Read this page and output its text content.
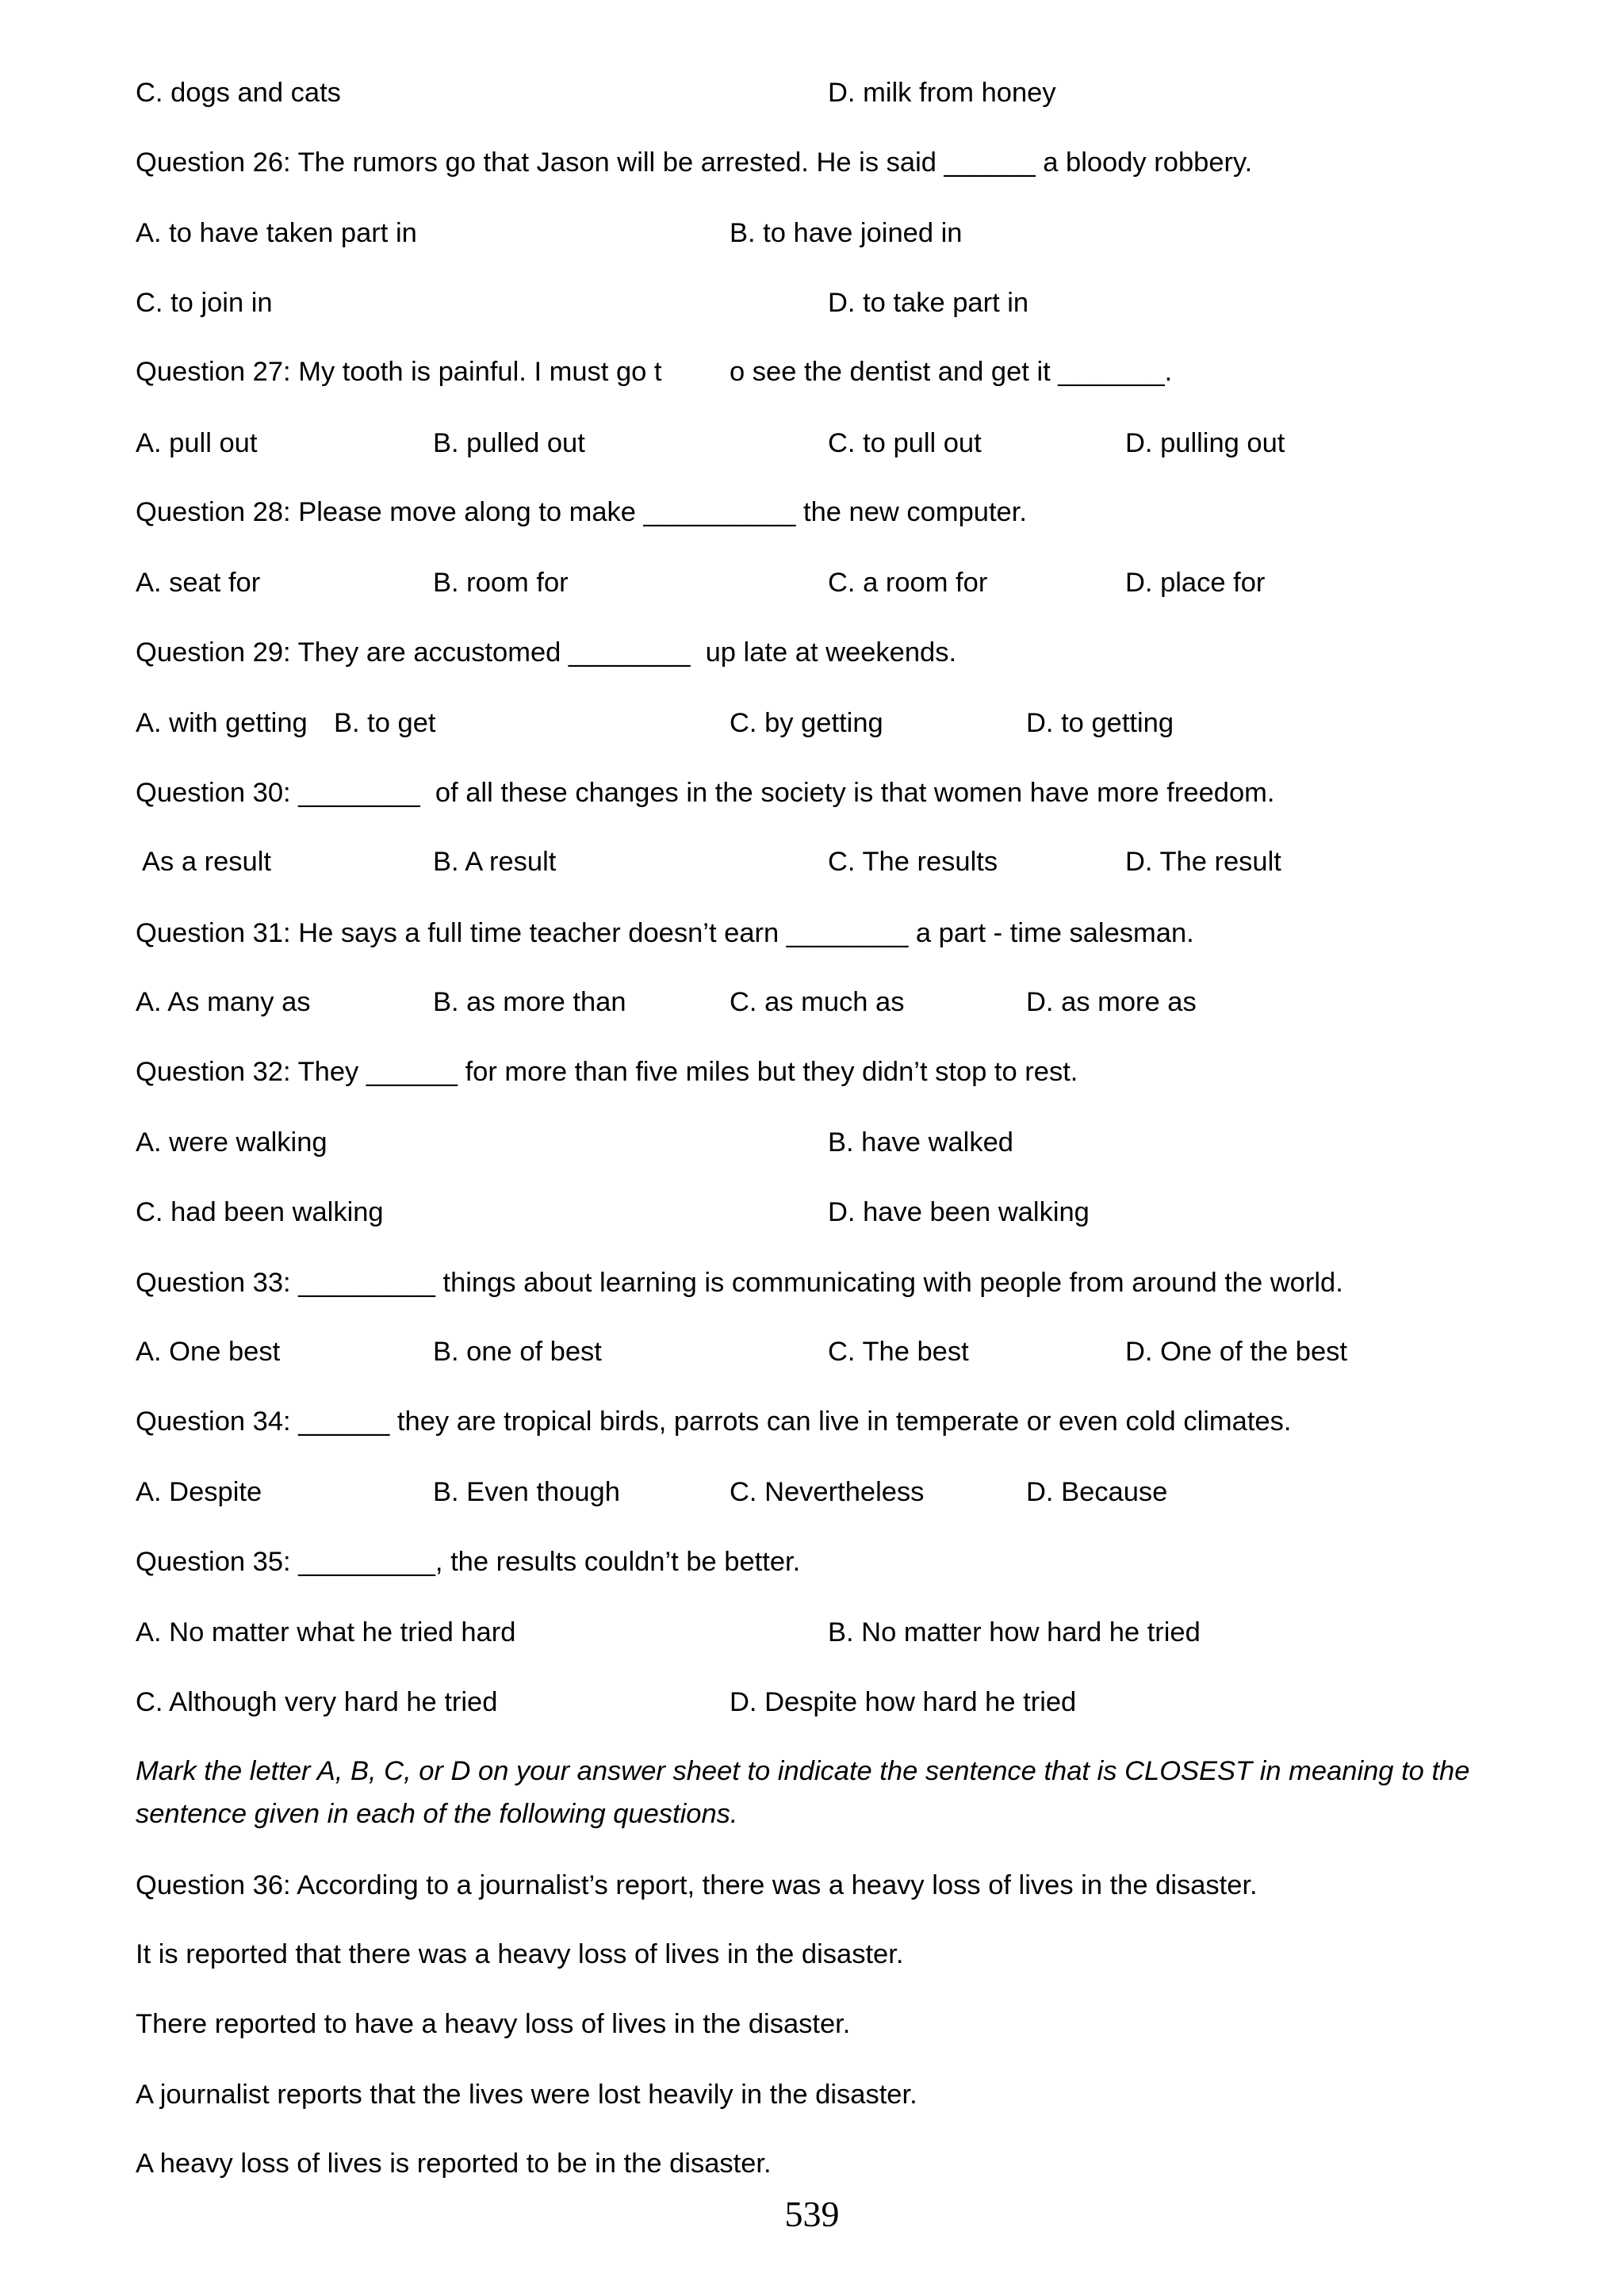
C. dogs and cats	D. milk from honey
Question 26: The rumors go that Jason will be arrested. He is said ______ a bloody robbery.
A. to have taken part in	B. to have joined in
C. to join in	D. to take part in
Question 27: My tooth is painful. I must go t o see the dentist and get it _______.
A. pull out	B. pulled out	C. to pull out	D. pulling out
Question 28: Please move along to make __________ the new computer.
A. seat for	B. room for	C. a room for	D. place for
Question 29: They are accustomed ________  up late at weekends.
A. with getting B. to get	C. by getting	D. to getting
Question 30: ________  of all these changes in the society is that women have more freedom.
As a result	B. A result	C. The results	D. The result
Question 31: He says a full time teacher doesn’t earn ________ a part - time salesman.
A. As many as	B. as more than	C. as much as	D. as more as
Question 32: They ______ for more than five miles but they didn’t stop to rest.
A. were walking	B. have walked
C. had been walking	D. have been walking
Question 33: _________ things about learning is communicating with people from around the world.
A. One best	B. one of best	C. The best	D. One of the best
Question 34: ______ they are tropical birds, parrots can live in temperate or even cold climates.
A. Despite	B. Even though	C. Nevertheless	D. Because
Question 35: _________, the results couldn’t be better.
A. No matter what he tried hard	B. No matter how hard he tried
C. Although very hard he tried	D. Despite how hard he tried
Mark the letter A, B, C, or D on your answer sheet to indicate the sentence that is CLOSEST in meaning to the
sentence given in each of the following questions.
Question 36: According to a journalist’s report, there was a heavy loss of lives in the disaster.
It is reported that there was a heavy loss of lives in the disaster.
There reported to have a heavy loss of lives in the disaster.
A journalist reports that the lives were lost heavily in the disaster.
A heavy loss of lives is reported to be in the disaster.
539
